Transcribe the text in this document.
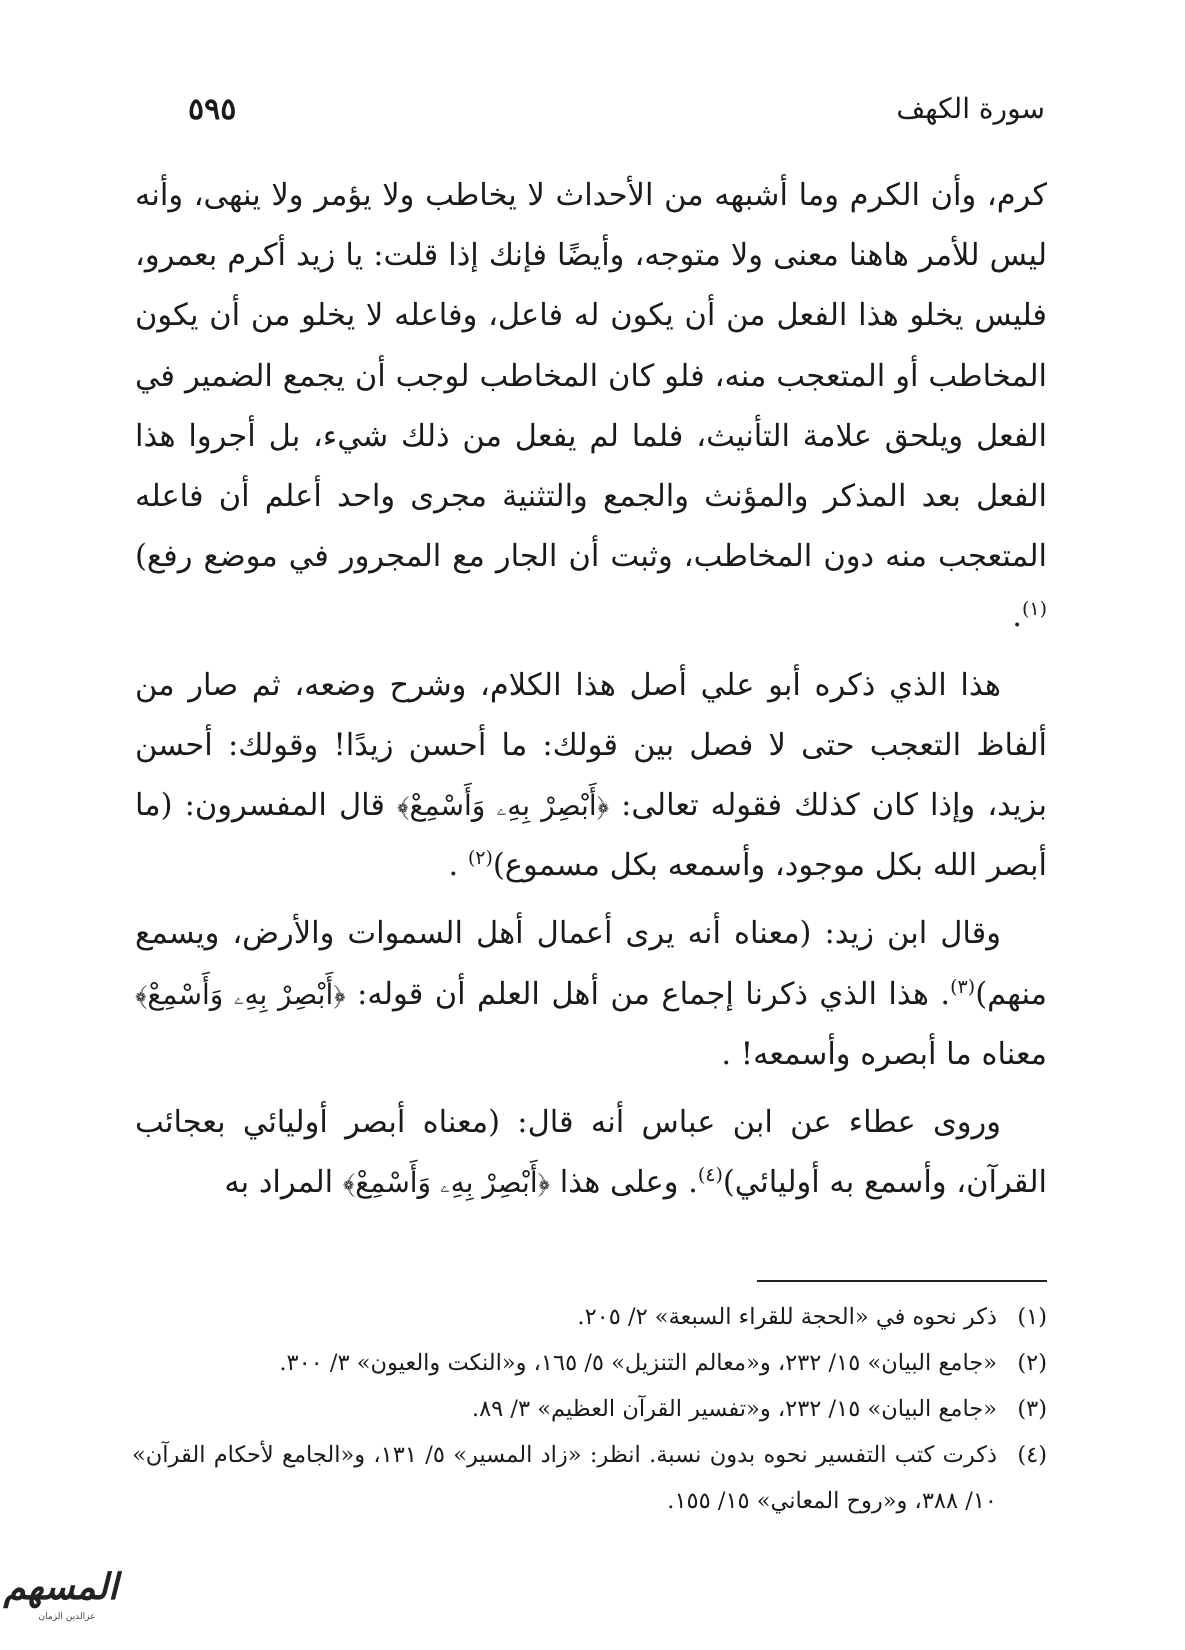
سورة الكهف
٥٩٥

كرم، وأن الكرم وما أشبهه من الأحداث لا يخاطب ولا يؤمر ولا ينهى، وأنه ليس للأمر هاهنا معنى ولا متوجه، وأيضًا فإنك إذا قلت: يا زيد أكرم بعمرو، فليس يخلو هذا الفعل من أن يكون له فاعل، وفاعله لا يخلو من أن يكون المخاطب أو المتعجب منه، فلو كان المخاطب لوجب أن يجمع الضمير في الفعل ويلحق علامة التأنيث، فلما لم يفعل من ذلك شيء، بل أجروا هذا الفعل بعد المذكر والمؤنث والجمع والتثنية مجرى واحد أعلم أن فاعله المتعجب منه دون المخاطب، وثبت أن الجار مع المجرور في موضع رفع)$^{(١)}$.

هذا الذي ذكره أبو علي أصل هذا الكلام، وشرح وضعه، ثم صار من ألفاظ التعجب حتى لا فصل بين قولك: ما أحسن زيدًا! وقولك: أحسن بزيد، وإذا كان كذلك فقوله تعالى: ﴿أَبْصِرْ بِهِۦ وَأَسْمِعْ﴾ قال المفسرون: (ما أبصر الله بكل موجود، وأسمعه بكل مسموع)$^{(٢)}$ .

وقال ابن زيد: (معناه أنه يرى أعمال أهل السموات والأرض، ويسمع منهم)$^{(٣)}$. هذا الذي ذكرنا إجماع من أهل العلم أن قوله: ﴿أَبْصِرْ بِهِۦ وَأَسْمِعْ﴾ معناه ما أبصره وأسمعه! .

وروى عطاء عن ابن عباس أنه قال: (معناه أبصر أوليائي بعجائب القرآن، وأسمع به أوليائي)$^{(٤)}$. وعلى هذا ﴿أَبْصِرْ بِهِۦ وَأَسْمِعْ﴾ المراد به

(١)
ذكر نحوه في «الحجة للقراء السبعة» ٢/ ٢٠٥.

(٢)
«جامع البيان» ١٥/ ٢٣٢، و«معالم التنزيل» ٥/ ١٦٥، و«النكت والعيون» ٣/ ٣٠٠.

(٣)
«جامع البيان» ١٥/ ٢٣٢، و«تفسير القرآن العظيم» ٣/ ٨٩.

(٤)
ذكرت كتب التفسير نحوه بدون نسبة. انظر: «زاد المسير» ٥/ ١٣١، و«الجامع لأحكام القرآن» ١٠/ ٣٨٨، و«روح المعاني» ١٥/ ١٥٥.

المسهم
عزالدين الزمان
